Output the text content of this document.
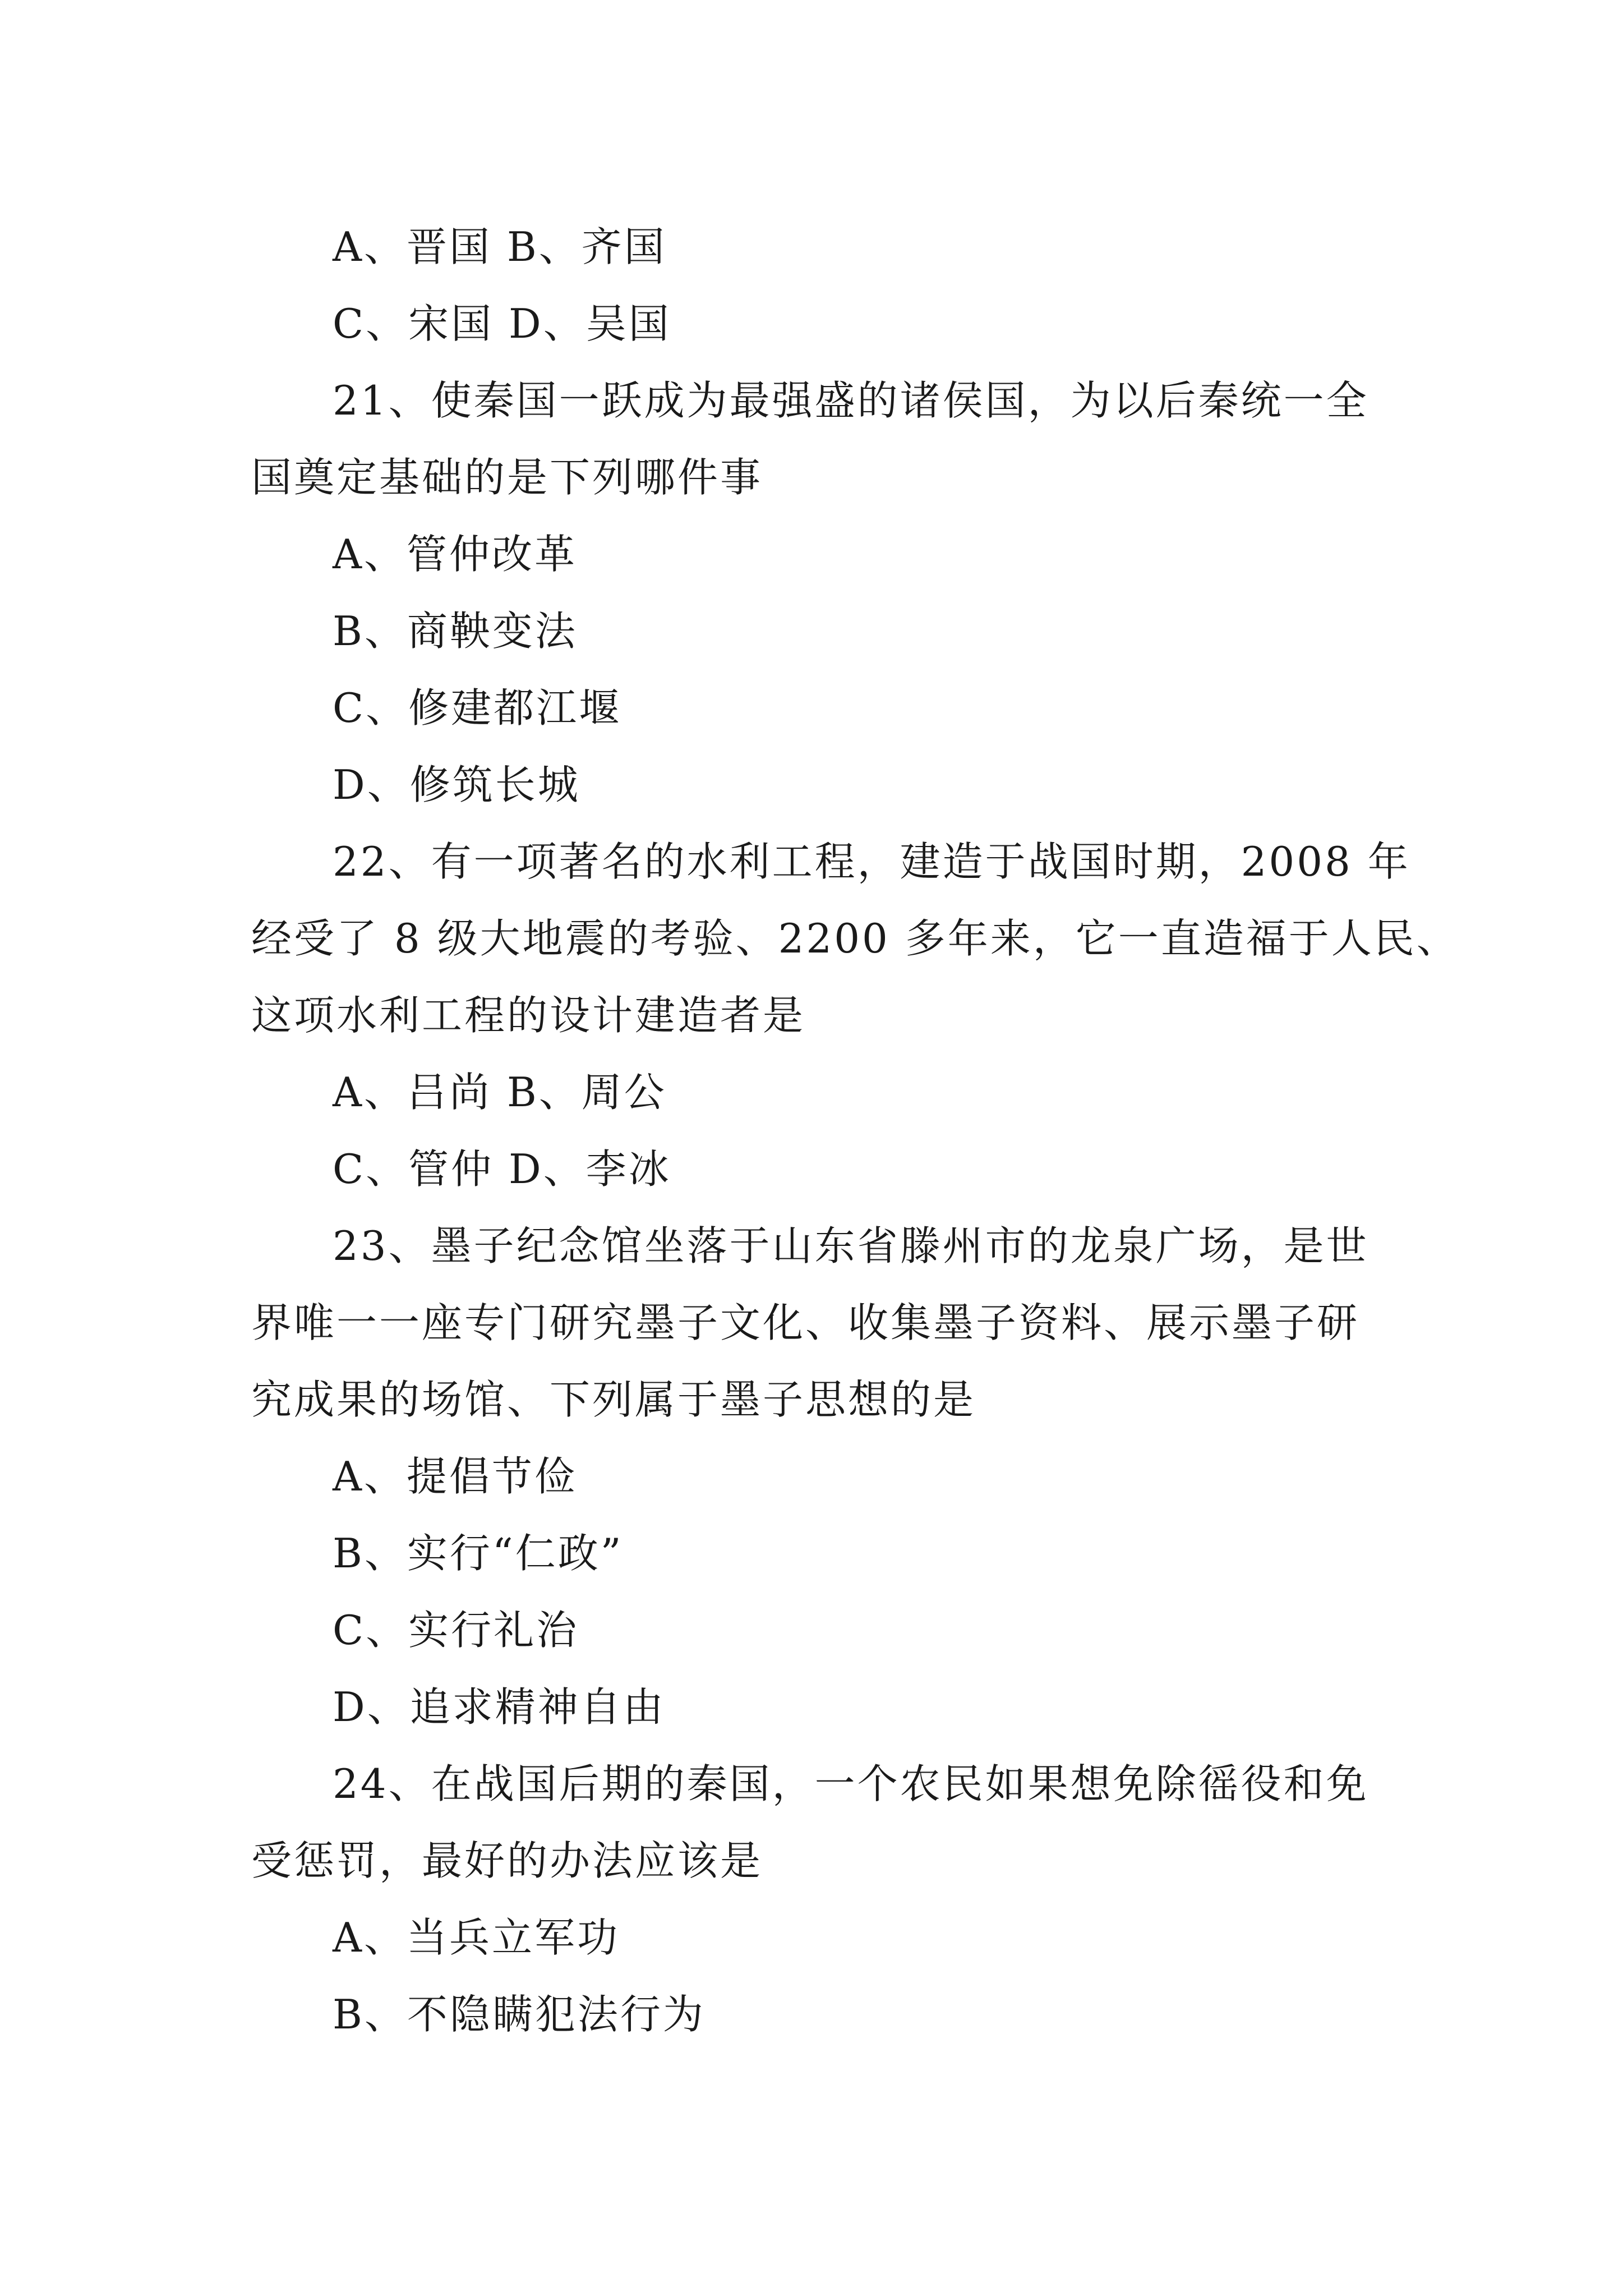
A、晋国 B、齐国
C、宋国 D、吴国
21、使秦国一跃成为最强盛的诸侯国，为以后秦统一全
国奠定基础的是下列哪件事
A、管仲改革
B、商鞅变法
C、修建都江堰
D、修筑长城
22、有一项著名的水利工程，建造于战国时期，2008 年
经受了 8 级大地震的考验、2200 多年来，它一直造福于人民、
这项水利工程的设计建造者是
A、吕尚 B、周公
C、管仲 D、李冰
23、墨子纪念馆坐落于山东省滕州市的龙泉广场，是世
界唯一一座专门研究墨子文化、收集墨子资料、展示墨子研
究成果的场馆、下列属于墨子思想的是
A、提倡节俭
B、实行“仁政”
C、实行礼治
D、追求精神自由
24、在战国后期的秦国，一个农民如果想免除徭役和免
受惩罚，最好的办法应该是
A、当兵立军功
B、不隐瞒犯法行为
